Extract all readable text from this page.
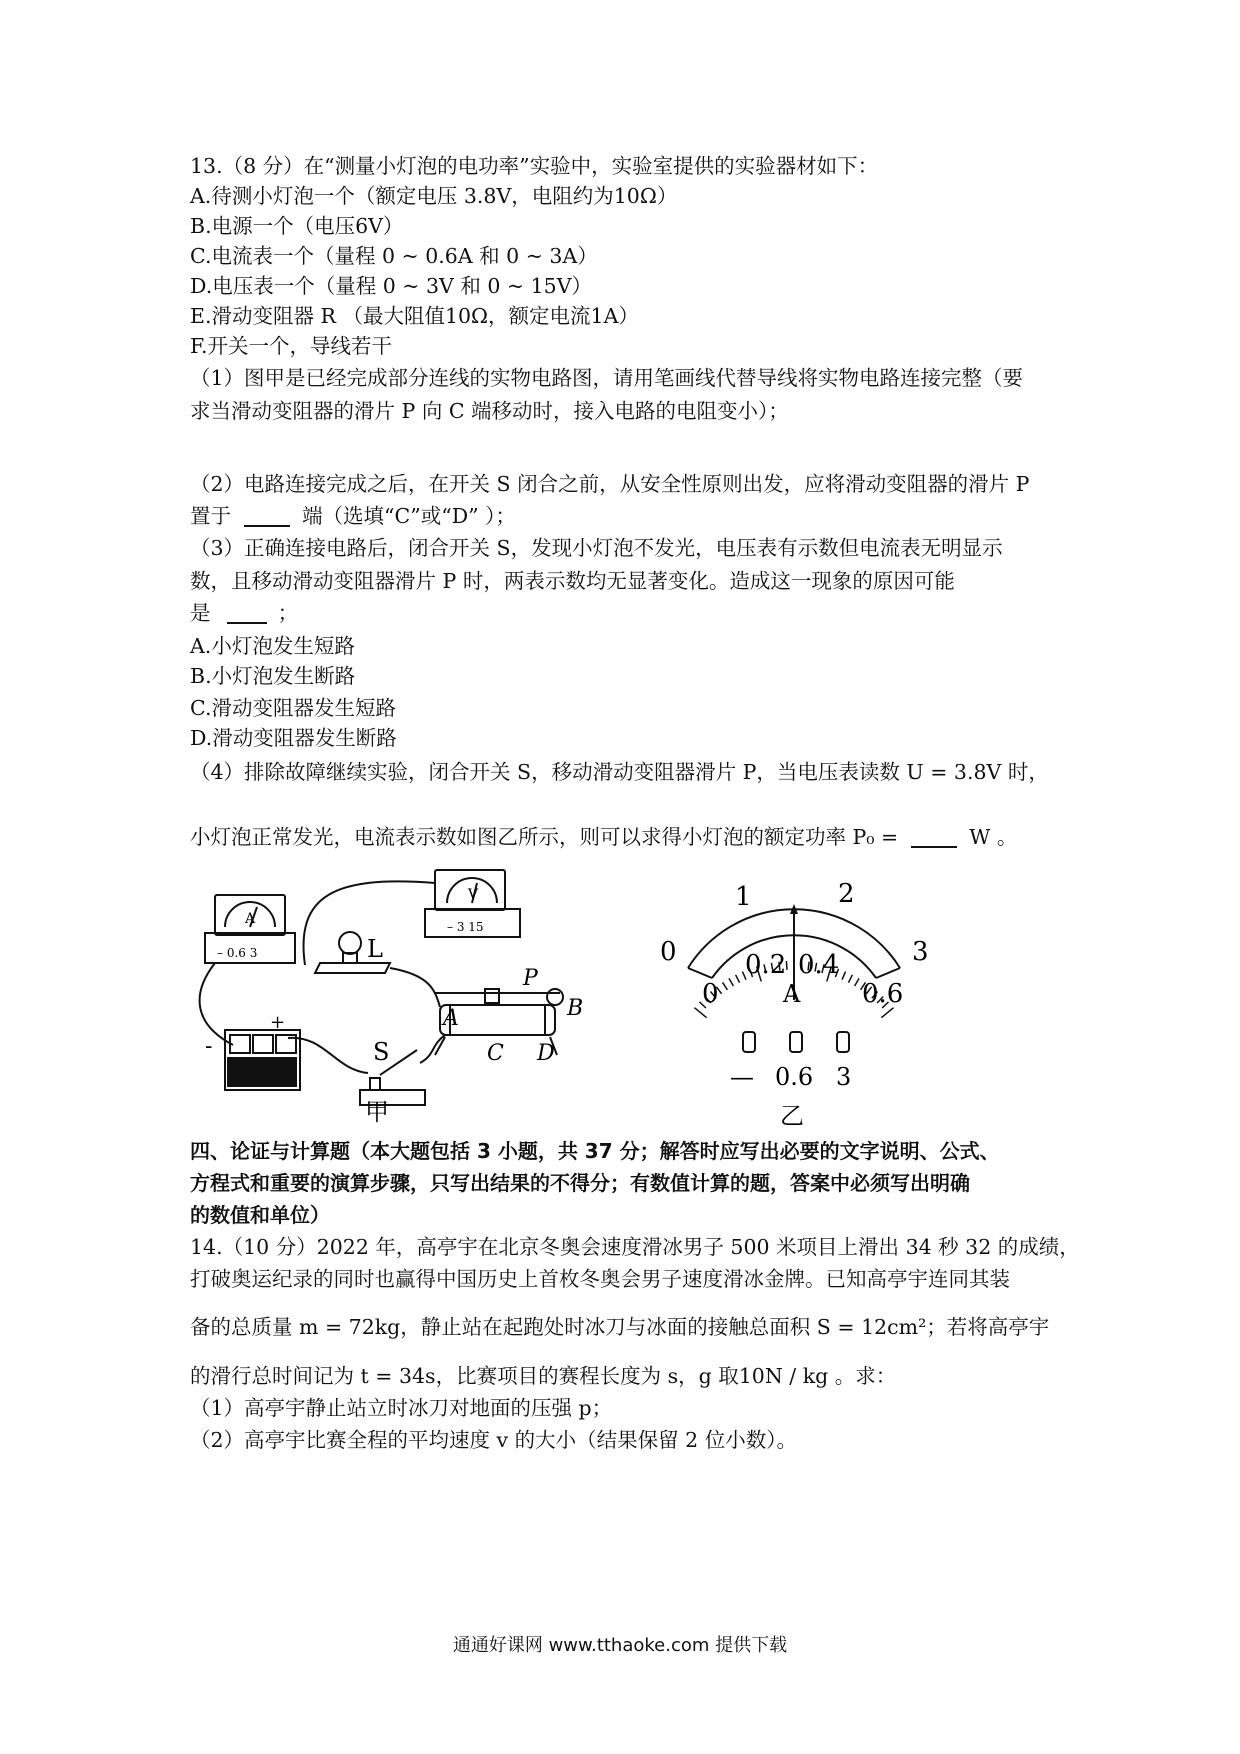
13.（8 分）在“测量小灯泡的电功率”实验中，实验室提供的实验器材如下：
A.待测小灯泡一个（额定电压 3.8V，电阻约为10Ω）
B.电源一个（电压6V）
C.电流表一个（量程 0 ~ 0.6A 和 0 ~ 3A）
D.电压表一个（量程 0 ~ 3V 和 0 ~ 15V）
E.滑动变阻器 R （最大阻值10Ω，额定电流1A）
F.开关一个，导线若干
（1）图甲是已经完成部分连线的实物电路图，请用笔画线代替导线将实物电路连接完整（要
求当滑动变阻器的滑片 P 向 C 端移动时，接入电路的电阻变小）；
（2）电路连接完成之后，在开关 S 闭合之前，从安全性原则出发，应将滑动变阻器的滑片 P
置于	端（选填“C”或“D” ）；
（3）正确连接电路后，闭合开关 S，发现小灯泡不发光，电压表有示数但电流表无明显示
数，且移动滑动变阻器滑片 P 时，两表示数均无显著变化。造成这一现象的原因可能
是	；
A.小灯泡发生短路
B.小灯泡发生断路
C.滑动变阻器发生短路
D.滑动变阻器发生断路
（4）排除故障继续实验，闭合开关 S，移动滑动变阻器滑片 P，当电压表读数 U = 3.8V 时，
小灯泡正常发光，电流表示数如图乙所示，则可以求得小灯泡的额定功率 P₀ =	W 。
A
– 0.6 3
V
– 3 15
L
S
-
+
P
A	B
C D
甲
0
1	2
3
0
0.2 0.4
0.6
A
— 0.6 3
乙
四、论证与计算题（本大题包括 3 小题，共 37 分；解答时应写出必要的文字说明、公式、
方程式和重要的演算步骤，只写出结果的不得分；有数值计算的题，答案中必须写出明确
的数值和单位）
14.（10 分）2022 年，高亭宇在北京冬奥会速度滑冰男子 500 米项目上滑出 34 秒 32 的成绩，
打破奥运纪录的同时也赢得中国历史上首枚冬奥会男子速度滑冰金牌。已知高亭宇连同其装
备的总质量 m = 72kg，静止站在起跑处时冰刀与冰面的接触总面积 S = 12cm²；若将高亭宇
的滑行总时间记为 t = 34s，比赛项目的赛程长度为 s，g 取10N / kg 。求：
（1）高亭宇静止站立时冰刀对地面的压强 p；
（2）高亭宇比赛全程的平均速度 v 的大小（结果保留 2 位小数）。
通通好课网 www.tthaoke.com 提供下载
